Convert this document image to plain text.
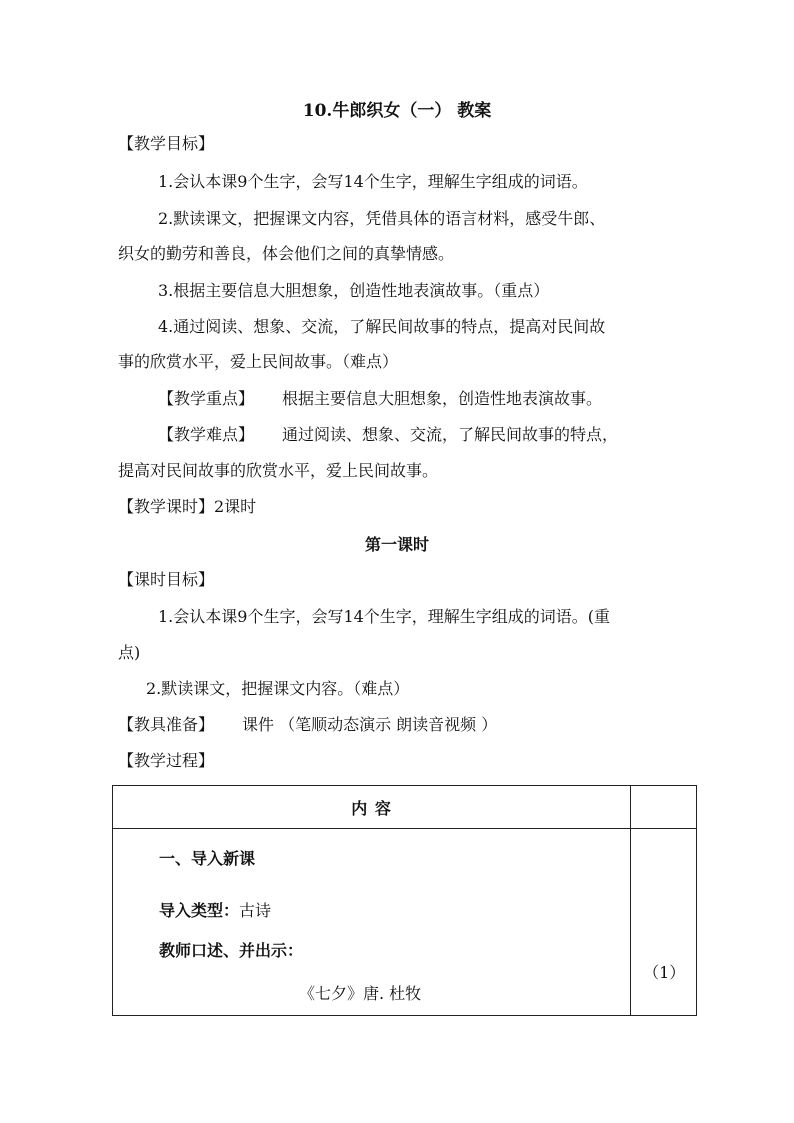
10.牛郎织女（一） 教案
【教学目标】
1.会认本课9个生字，会写14个生字，理解生字组成的词语。
2.默读课文，把握课文内容，凭借具体的语言材料，感受牛郎、
织女的勤劳和善良，体会他们之间的真挚情感。
3.根据主要信息大胆想象，创造性地表演故事。（重点）
4.通过阅读、想象、交流，了解民间故事的特点，提高对民间故
事的欣赏水平，爱上民间故事。（难点）
【教学重点】 根据主要信息大胆想象，创造性地表演故事。
【教学难点】 通过阅读、想象、交流，了解民间故事的特点，
提高对民间故事的欣赏水平，爱上民间故事。
【教学课时】2课时
第一课时
【课时目标】
1.会认本课9个生字，会写14个生字，理解生字组成的词语。(重
点)
2.默读课文，把握课文内容。（难点）
【教具准备】 课件 （笔顺动态演示 朗读音视频 ）
【教学过程】
内 容	

一、导入新课
导入类型：古诗
教师口述、并出示：
《七夕》唐. 杜牧	（1）
